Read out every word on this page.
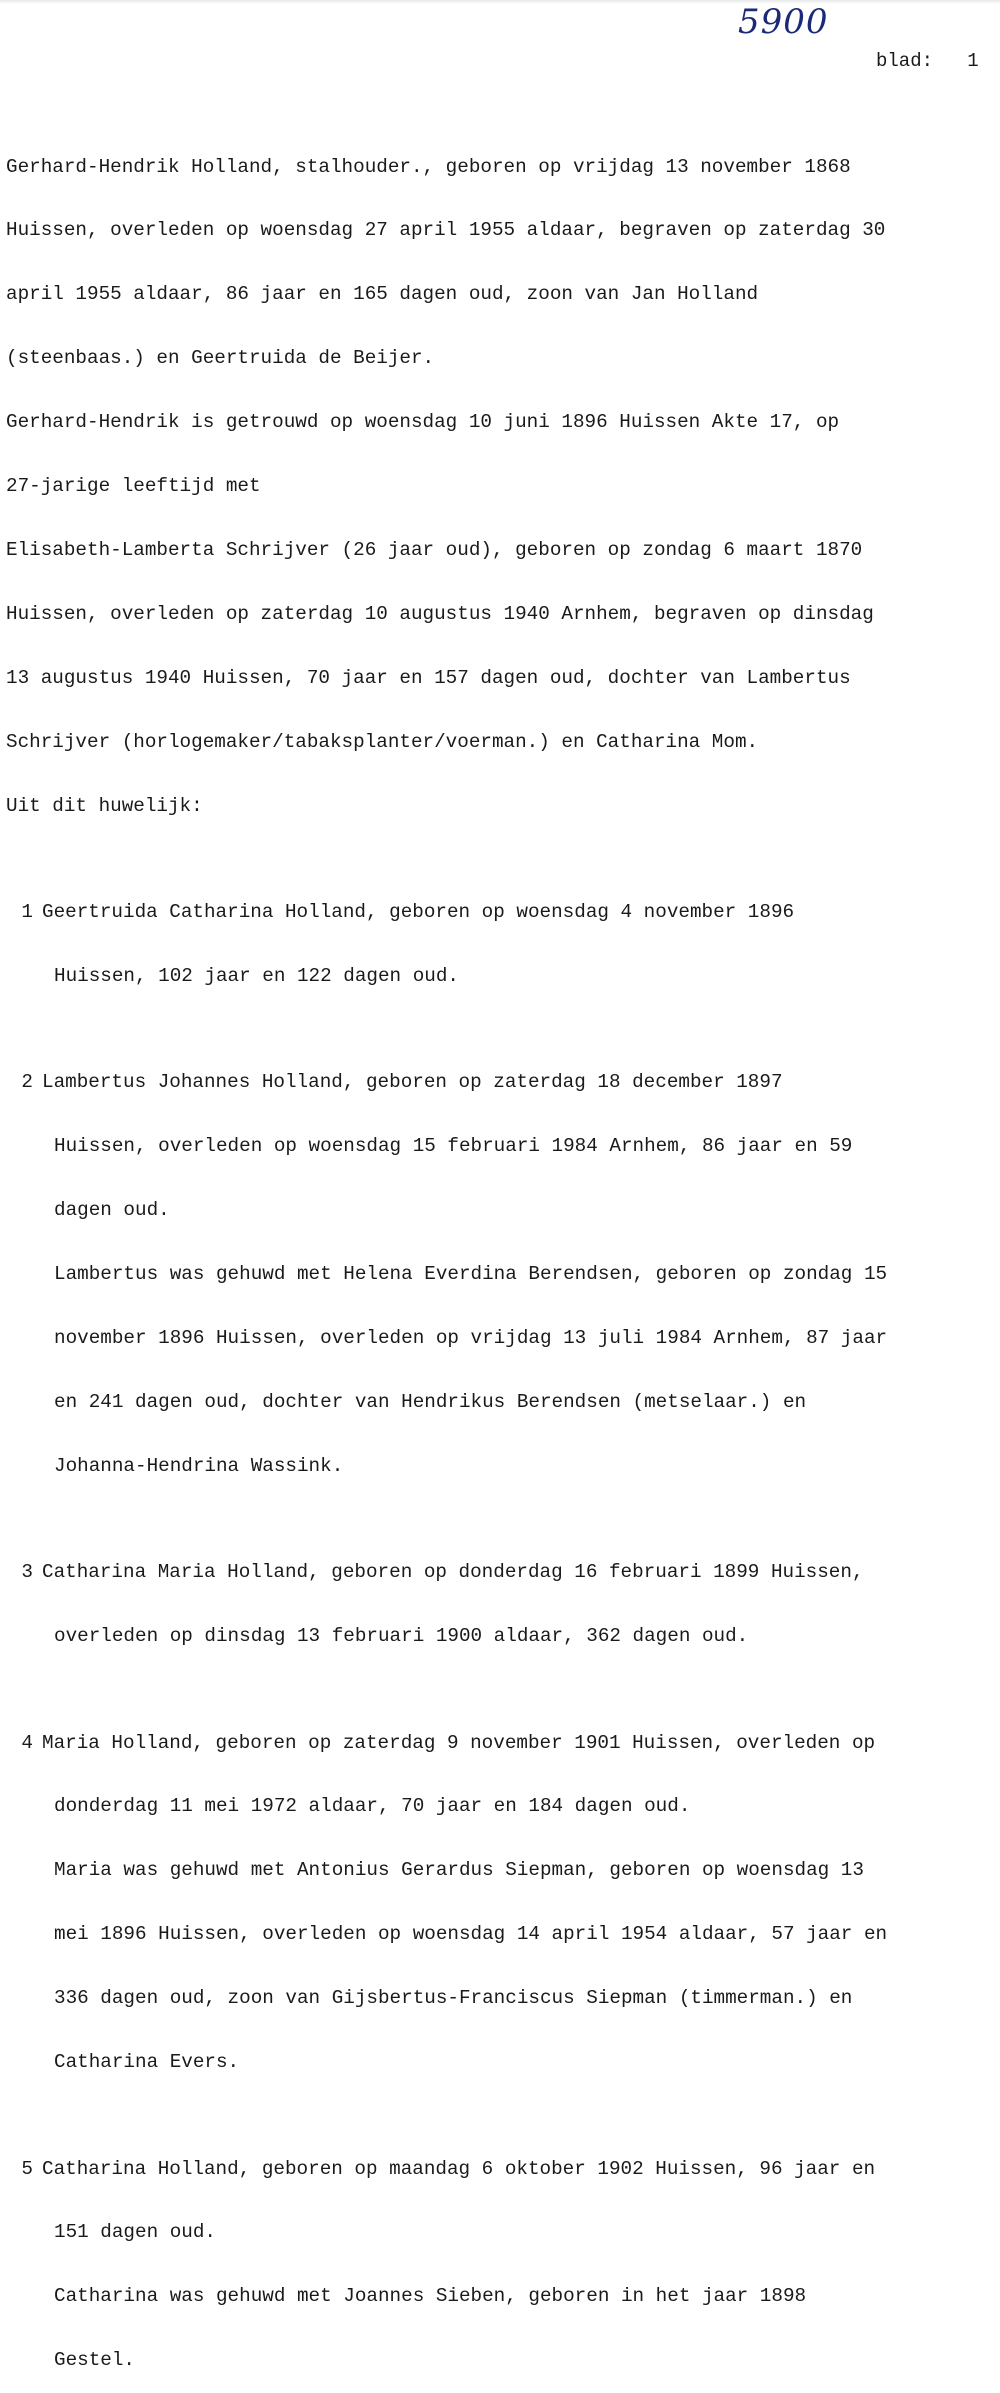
5900
blad: 1

Gerhard-Hendrik Holland, stalhouder., geboren op vrijdag 13 november 1868

Huissen, overleden op woensdag 27 april 1955 aldaar, begraven op zaterdag 30

april 1955 aldaar, 86 jaar en 165 dagen oud, zoon van Jan Holland

(steenbaas.) en Geertruida de Beijer.

Gerhard-Hendrik is getrouwd op woensdag 10 juni 1896 Huissen Akte 17, op

27-jarige leeftijd met

Elisabeth-Lamberta Schrijver (26 jaar oud), geboren op zondag 6 maart 1870

Huissen, overleden op zaterdag 10 augustus 1940 Arnhem, begraven op dinsdag

13 augustus 1940 Huissen, 70 jaar en 157 dagen oud, dochter van Lambertus

Schrijver (horlogemaker/tabaksplanter/voerman.) en Catharina Mom.

Uit dit huwelijk:

1 Geertruida Catharina Holland, geboren op woensdag 4 november 1896

Huissen, 102 jaar en 122 dagen oud.

2 Lambertus Johannes Holland, geboren op zaterdag 18 december 1897

Huissen, overleden op woensdag 15 februari 1984 Arnhem, 86 jaar en 59

dagen oud.

Lambertus was gehuwd met Helena Everdina Berendsen, geboren op zondag 15

november 1896 Huissen, overleden op vrijdag 13 juli 1984 Arnhem, 87 jaar

en 241 dagen oud, dochter van Hendrikus Berendsen (metselaar.) en

Johanna-Hendrina Wassink.

3 Catharina Maria Holland, geboren op donderdag 16 februari 1899 Huissen,

overleden op dinsdag 13 februari 1900 aldaar, 362 dagen oud.

4 Maria Holland, geboren op zaterdag 9 november 1901 Huissen, overleden op

donderdag 11 mei 1972 aldaar, 70 jaar en 184 dagen oud.

Maria was gehuwd met Antonius Gerardus Siepman, geboren op woensdag 13

mei 1896 Huissen, overleden op woensdag 14 april 1954 aldaar, 57 jaar en

336 dagen oud, zoon van Gijsbertus-Franciscus Siepman (timmerman.) en

Catharina Evers.

5 Catharina Holland, geboren op maandag 6 oktober 1902 Huissen, 96 jaar en

151 dagen oud.

Catharina was gehuwd met Joannes Sieben, geboren in het jaar 1898

Gestel.
